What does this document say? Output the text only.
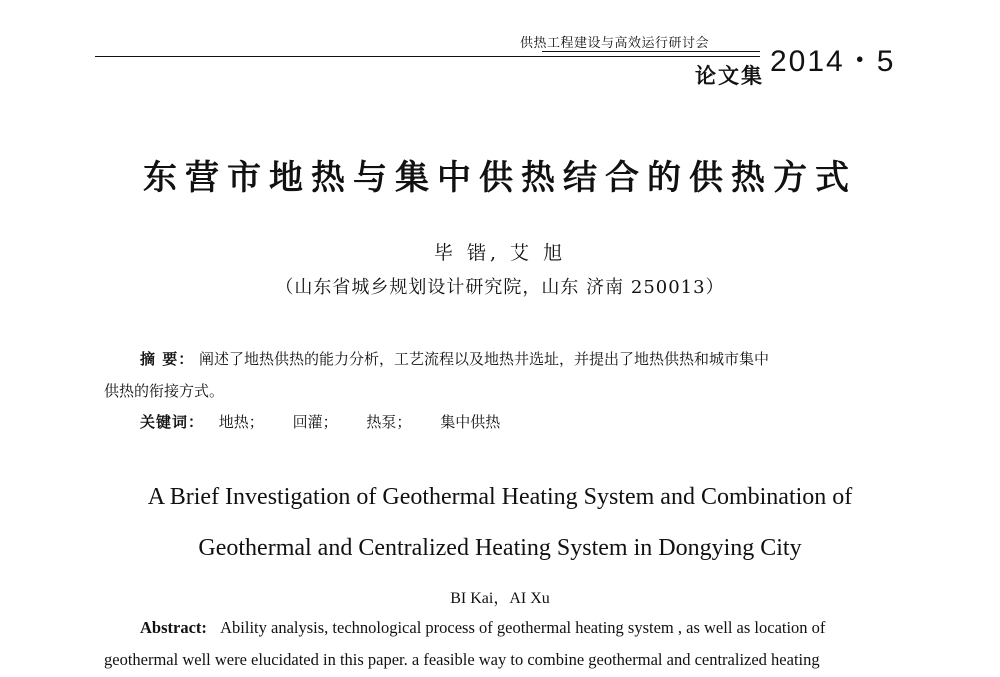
供热工程建设与高效运行研讨会
2014・5
论文集
东营市地热与集中供热结合的供热方式
毕 锴, 艾 旭
（山东省城乡规划设计研究院，山东 济南 250013）
摘 要： 阐述了地热供热的能力分析，工艺流程以及地热井选址，并提出了地热供热和城市集中
供热的衔接方式。
关键词： 地热； 回灌； 热泵； 集中供热
A Brief Investigation of Geothermal Heating System and Combination of
Geothermal and Centralized Heating System in Dongying City
BI Kai，AI Xu
Abstract: Ability analysis, technological process of geothermal heating system , as well as location of
geothermal well were elucidated in this paper. a feasible way to combine geothermal and centralized heating
